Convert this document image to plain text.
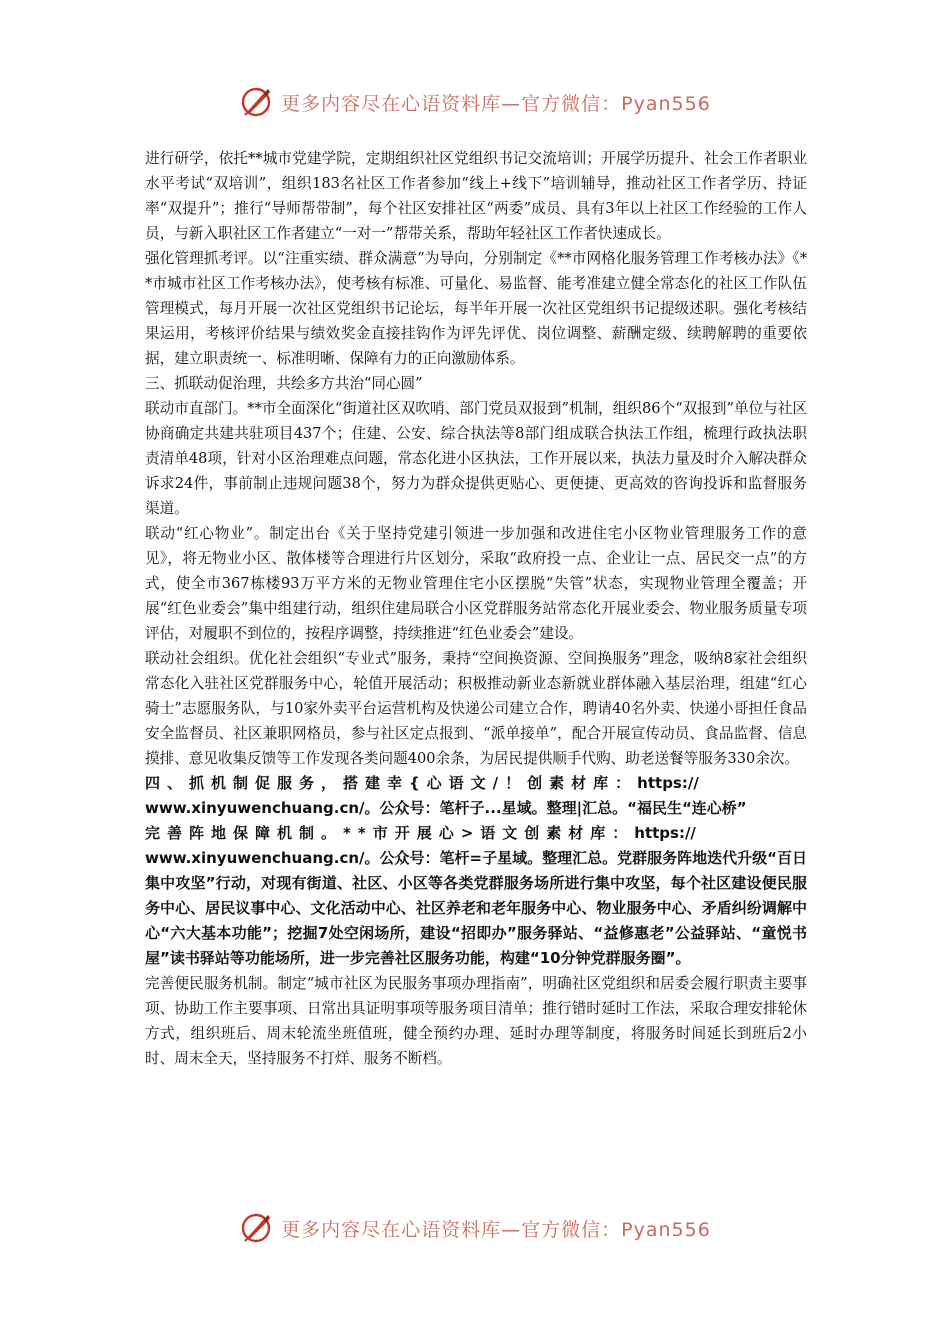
更多内容尽在心语资料库—官方微信：Pyan556

进行研学，依托**城市党建学院，定期组织社区党组织书记交流培训；开展学历提升、社会工作者职业水平考试“双培训”，组织183名社区工作者参加“线上+线下”培训辅导，推动社区工作者学历、持证率“双提升”；推行“导师帮带制”，每个社区安排社区“两委”成员、具有3年以上社区工作经验的工作人员，与新入职社区工作者建立“一对一”帮带关系，帮助年轻社区工作者快速成长。

强化管理抓考评。以“注重实绩、群众满意”为导向，分别制定《**市网格化服务管理工作考核办法》《**市城市社区工作考核办法》，使考核有标准、可量化、易监督、能考准建立健全常态化的社区工作队伍管理模式，每月开展一次社区党组织书记论坛，每半年开展一次社区党组织书记提级述职。强化考核结果运用，考核评价结果与绩效奖金直接挂钩作为评先评优、岗位调整、薪酬定级、续聘解聘的重要依据，建立职责统一、标准明晰、保障有力的正向激励体系。

三、抓联动促治理，共绘多方共治“同心圆”

联动市直部门。**市全面深化“街道社区双吹哨、部门党员双报到”机制，组织86个“双报到”单位与社区协商确定共建共驻项目437个；住建、公安、综合执法等8部门组成联合执法工作组，梳理行政执法职责清单48项，针对小区治理难点问题，常态化进小区执法，工作开展以来，执法力量及时介入解决群众诉求24件，事前制止违规问题38个，努力为群众提供更贴心、更便捷、更高效的咨询投诉和监督服务渠道。

联动“红心物业”。制定出台《关于坚持党建引领进一步加强和改进住宅小区物业管理服务工作的意见》，将无物业小区、散体楼等合理进行片区划分，采取“政府投一点、企业让一点、居民交一点”的方式，使全市367栋楼93万平方米的无物业管理住宅小区摆脱“失管”状态，实现物业管理全覆盖；开展“红色业委会”集中组建行动，组织住建局联合小区党群服务站常态化开展业委会、物业服务质量专项评估，对履职不到位的，按程序调整，持续推进“红色业委会”建设。

联动社会组织。优化社会组织“专业式”服务，秉持“空间换资源、空间换服务”理念，吸纳8家社会组织常态化入驻社区党群服务中心，轮值开展活动；积极推动新业态新就业群体融入基层治理，组建“红心骑士”志愿服务队，与10家外卖平台运营机构及快递公司建立合作，聘请40名外卖、快递小哥担任食品安全监督员、社区兼职网格员，参与社区定点报到、“派单接单”，配合开展宣传动员、食品监督、信息摸排、意见收集反馈等工作发现各类问题400余条，为居民提供顺手代购、助老送餐等服务330余次。

四、抓机制促服务，搭建幸{心语文/！创素材库：https://
www.xinyuwenchuang.cn/。公众号：笔杆子...星域。整理|汇总。“福民生“连心桥”
完善阵地保障机制。**市开展心>语文创素材库：https://
www.xinyuwenchuang.cn/。公众号：笔杆=子星域。整理汇总。党群服务阵地迭代升级“百日集中攻坚”行动，对现有街道、社区、小区等各类党群服务场所进行集中攻坚，每个社区建设便民服务中心、居民议事中心、文化活动中心、社区养老和老年服务中心、物业服务中心、矛盾纠纷调解中心“六大基本功能”；挖掘7处空闲场所，建设“招即办”服务驿站、“益修惠老”公益驿站、“童悦书屋”读书驿站等功能场所，进一步完善社区服务功能，构建“10分钟党群服务圈”。

完善便民服务机制。制定“城市社区为民服务事项办理指南”，明确社区党组织和居委会履行职责主要事项、协助工作主要事项、日常出具证明事项等服务项目清单；推行错时延时工作法，采取合理安排轮休方式，组织班后、周末轮流坐班值班，健全预约办理、延时办理等制度，将服务时间延长到班后2小时、周末全天，坚持服务不打烊、服务不断档。

更多内容尽在心语资料库—官方微信：Pyan556
